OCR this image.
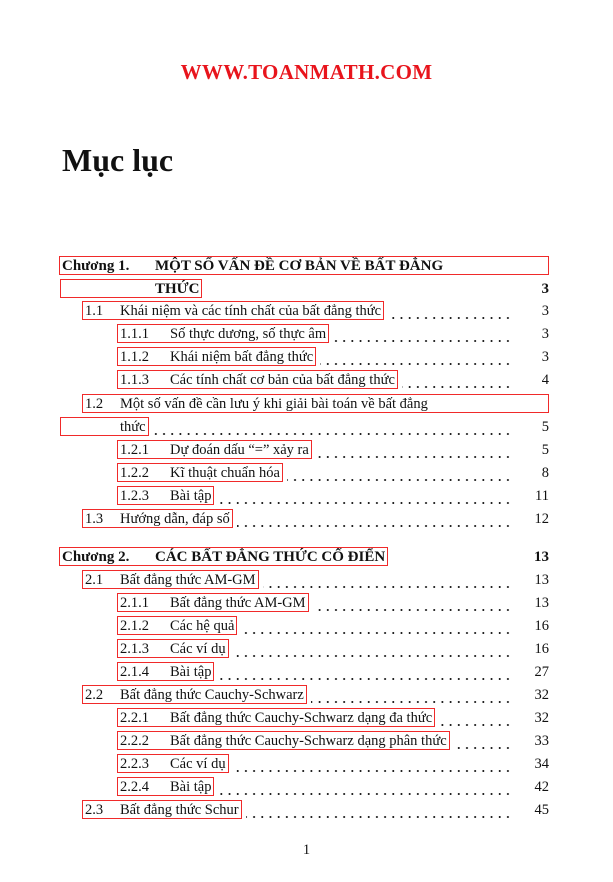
WWW.TOANMATH.COM
Mục lục
Chương 1. MỘT SỐ VẤN ĐỀ CƠ BẢN VỀ BẤT ĐẲNG
THỨC	3
1.1 Khái niệm và các tính chất của bất đẳng thức	3
1.1.1 Số thực dương, số thực âm	3
1.1.2 Khái niệm bất đẳng thức	3
1.1.3 Các tính chất cơ bản của bất đẳng thức	4
1.2 Một số vấn đề cần lưu ý khi giải bài toán về bất đẳng
thức	5
1.2.1 Dự đoán dấu “=” xảy ra	5
1.2.2 Kĩ thuật chuẩn hóa	8
1.2.3 Bài tập	11
1.3 Hướng dẫn, đáp số	12
Chương 2. CÁC BẤT ĐẲNG THỨC CỔ ĐIỂN	13
2.1 Bất đẳng thức AM-GM	13
2.1.1 Bất đẳng thức AM-GM	13
2.1.2 Các hệ quả	16
2.1.3 Các ví dụ	16
2.1.4 Bài tập	27
2.2 Bất đẳng thức Cauchy-Schwarz	32
2.2.1 Bất đẳng thức Cauchy-Schwarz dạng đa thức	32
2.2.2 Bất đẳng thức Cauchy-Schwarz dạng phân thức	33
2.2.3 Các ví dụ	34
2.2.4 Bài tập	42
2.3 Bất đẳng thức Schur	45
1
